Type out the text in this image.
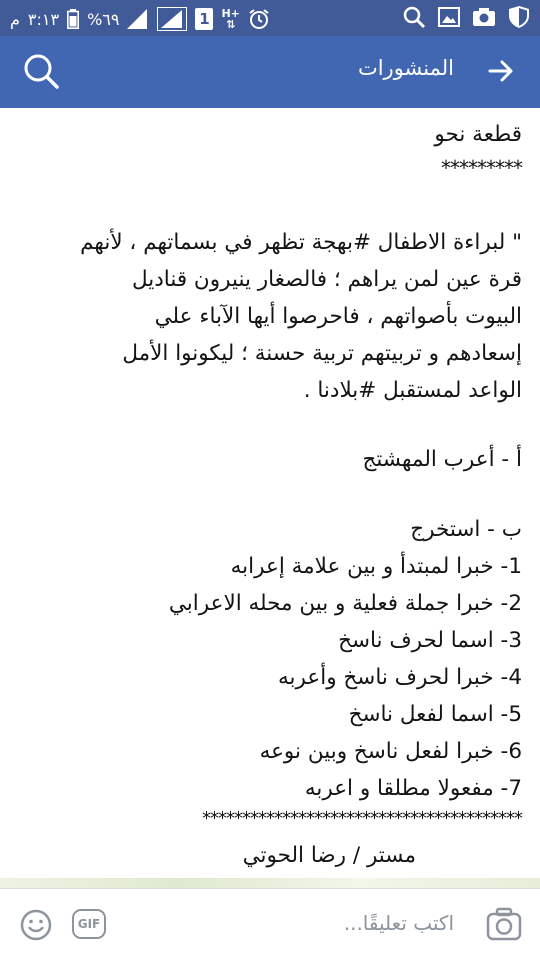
م ٣:١٣ %٦٩	1 H+
⇅
المنشورات
قطعة نحو
*********
" لبراءة الاطفال #بهجة تظهر في بسماتهم ، لأنهم
قرة عين لمن يراهم ؛ فالصغار ينيرون قناديل
البيوت بأصواتهم ، فاحرصوا أيها الآباء علي
إسعادهم و تربيتهم تربية حسنة ؛ ليكونوا الأمل
الواعد لمستقبل #بلادنا .
أ - أعرب المهشتج
ب - استخرج
1- خبرا لمبتدأ و بين علامة إعرابه
2- خبرا جملة فعلية و بين محله الاعرابي
3- اسما لحرف ناسخ
4- خبرا لحرف ناسخ وأعربه
5- اسما لفعل ناسخ
6- خبرا لفعل ناسخ وبين نوعه
7- مفعولا مطلقا و اعربه
****************************************
مستر / رضا الحوتي
اكتب تعليقًا...
GIF
